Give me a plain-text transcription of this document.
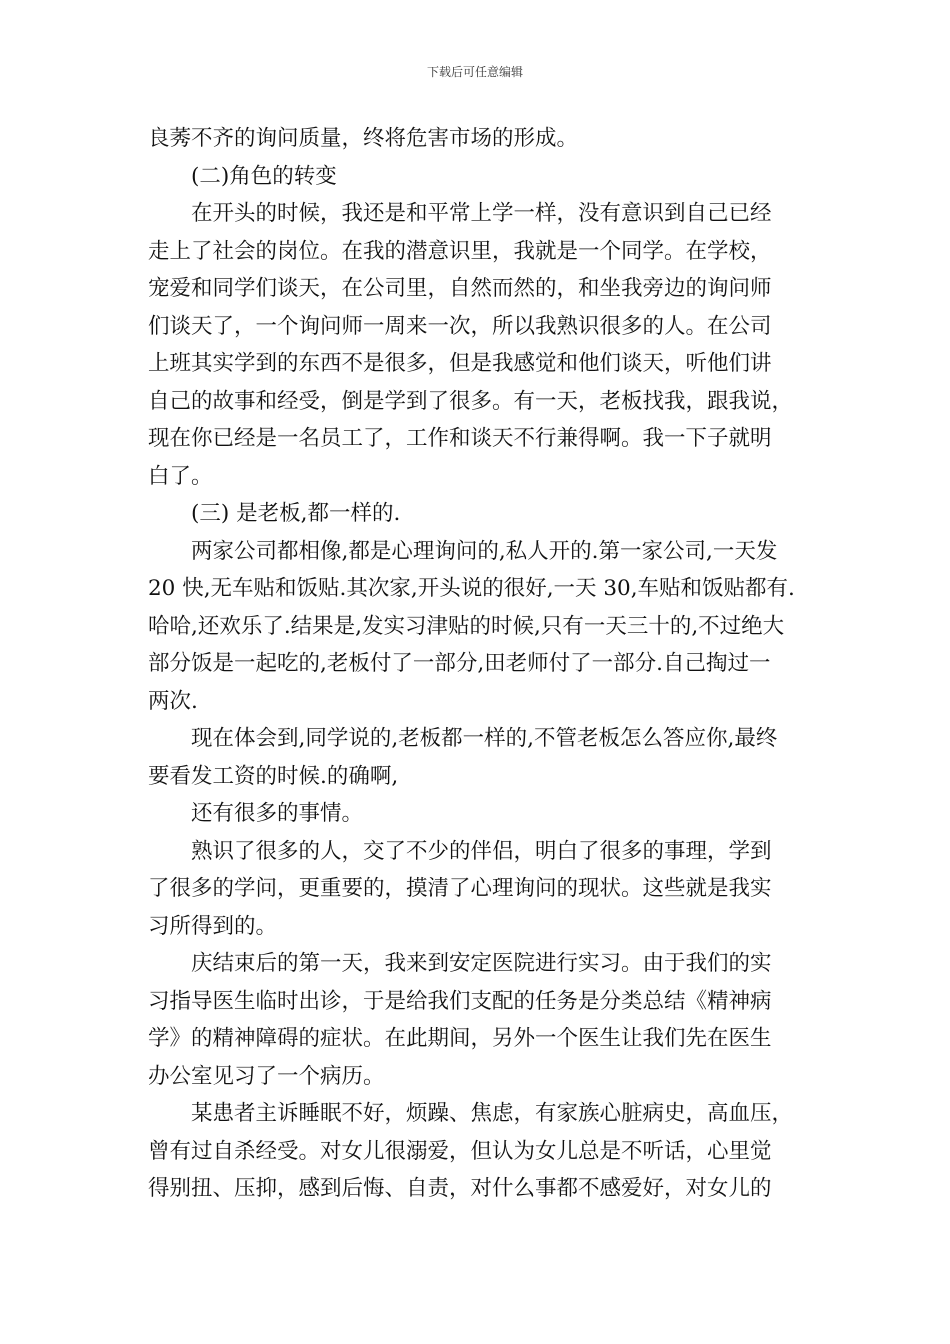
下载后可任意编辑
良莠不齐的询问质量，终将危害市场的形成。
(二)角色的转变
在开头的时候，我还是和平常上学一样，没有意识到自己已经
走上了社会的岗位。在我的潜意识里，我就是一个同学。在学校，
宠爱和同学们谈天，在公司里，自然而然的，和坐我旁边的询问师
们谈天了，一个询问师一周来一次，所以我熟识很多的人。在公司
上班其实学到的东西不是很多，但是我感觉和他们谈天，听他们讲
自己的故事和经受，倒是学到了很多。有一天，老板找我，跟我说，
现在你已经是一名员工了，工作和谈天不行兼得啊。我一下子就明
白了。
(三) 是老板,都一样的.
两家公司都相像,都是心理询问的,私人开的.第一家公司,一天发
20 快,无车贴和饭贴.其次家,开头说的很好,一天 30,车贴和饭贴都有.
哈哈,还欢乐了.结果是,发实习津贴的时候,只有一天三十的,不过绝大
部分饭是一起吃的,老板付了一部分,田老师付了一部分.自己掏过一
两次.
现在体会到,同学说的,老板都一样的,不管老板怎么答应你,最终
要看发工资的时候.的确啊,
还有很多的事情。
熟识了很多的人，交了不少的伴侣，明白了很多的事理，学到
了很多的学问，更重要的，摸清了心理询问的现状。这些就是我实
习所得到的。
庆结束后的第一天，我来到安定医院进行实习。由于我们的实
习指导医生临时出诊，于是给我们支配的任务是分类总结《精神病
学》的精神障碍的症状。在此期间，另外一个医生让我们先在医生
办公室见习了一个病历。
某患者主诉睡眠不好，烦躁、焦虑，有家族心脏病史，高血压，
曾有过自杀经受。对女儿很溺爱，但认为女儿总是不听话，心里觉
得别扭、压抑，感到后悔、自责，对什么事都不感爱好，对女儿的
